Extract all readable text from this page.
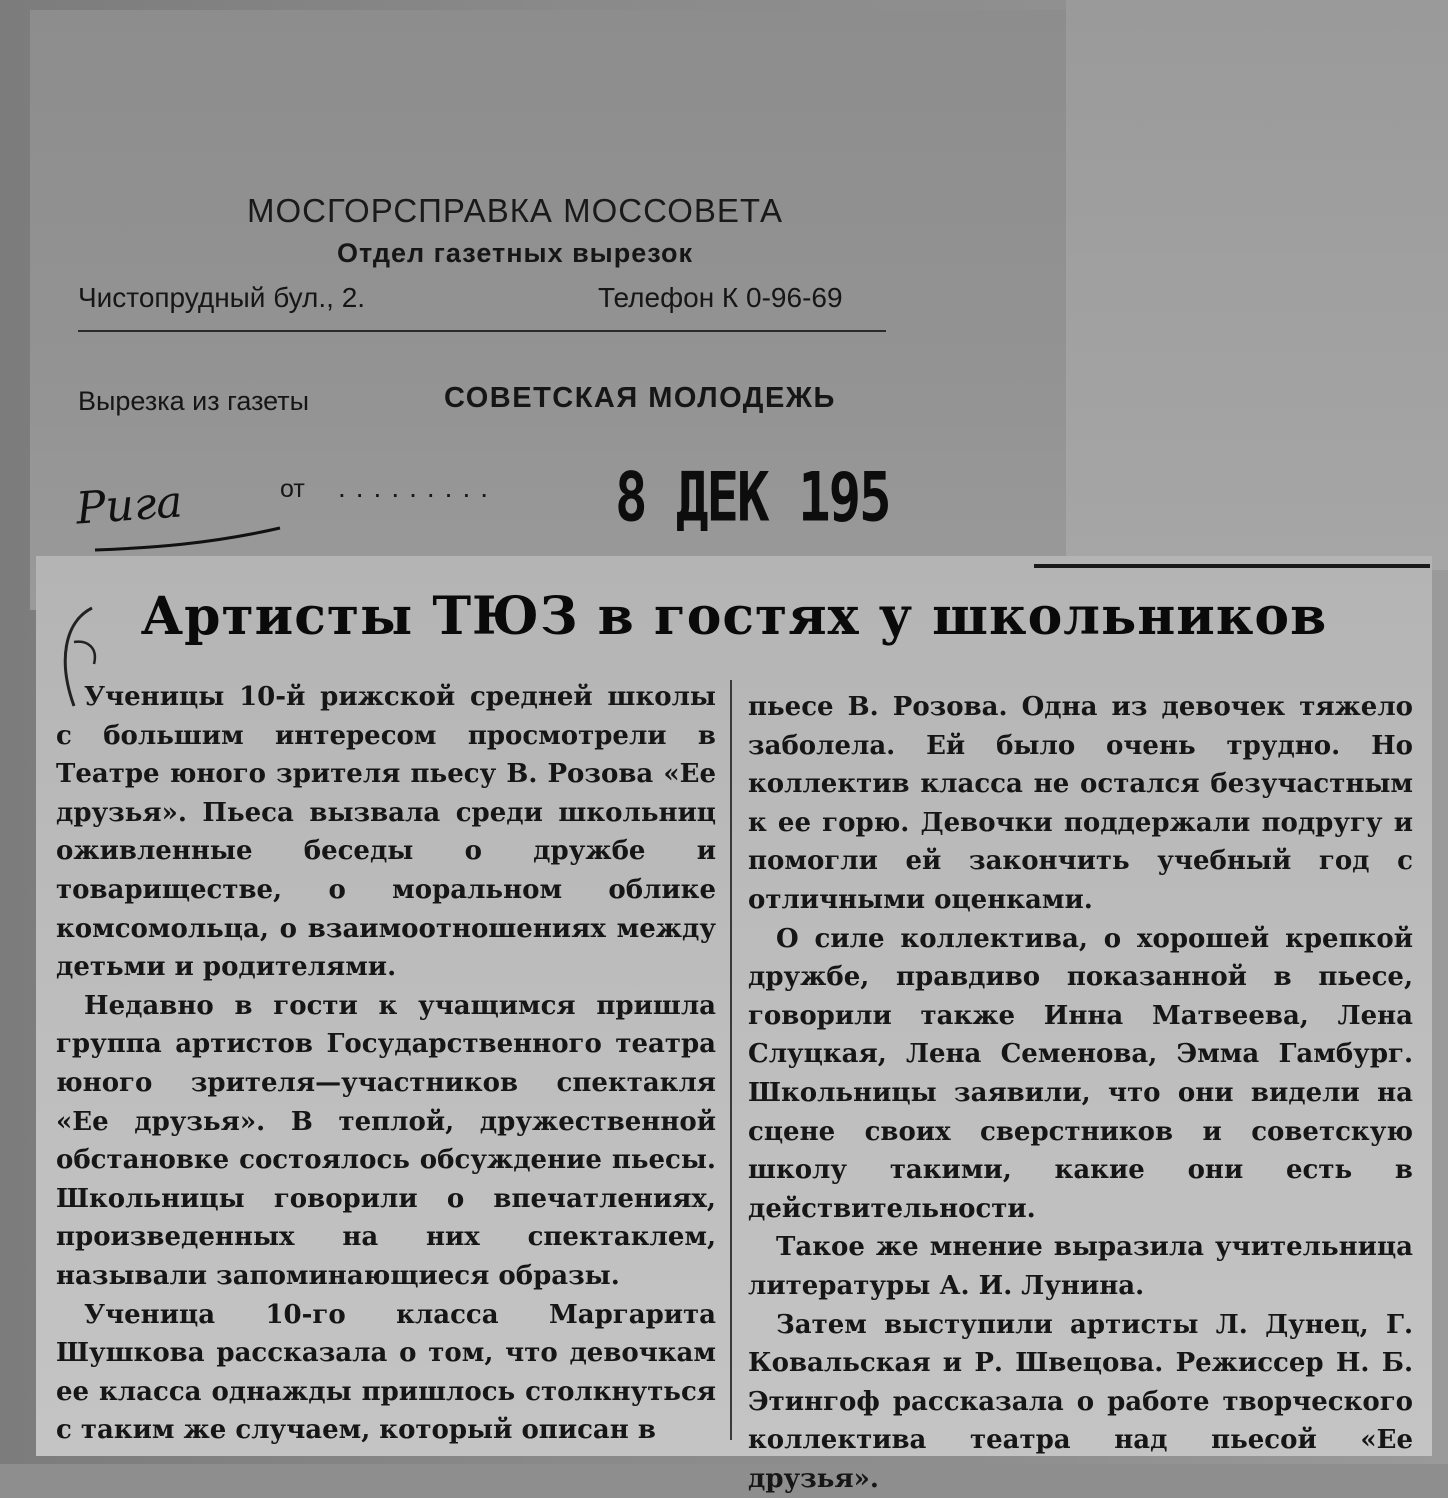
МОСГОРСПРАВКА МОССОВЕТА
Отдел газетных вырезок
Чистопрудный бул., 2.	Телефон К 0-96-69
Вырезка из газеты	СОВЕТСКАЯ МОЛОДЕЖЬ
Рига	от ......... 8 ДЕК 195
Артисты ТЮЗ в гостях у школьников

Ученицы 10-й рижской средней школы с большим интересом просмотрели в Театре юного зрителя пьесу В. Розова «Ее друзья». Пьеса вызвала среди школьниц оживленные беседы о дружбе и товариществе, о моральном облике комсомольца, о взаимоотношениях между детьми и родителями.

Недавно в гости к учащимся пришла группа артистов Государственного театра юного зрителя—участников спектакля «Ее друзья». В теплой, дружественной обстановке состоялось обсуждение пьесы. Школьницы говорили о впечатлениях, произведенных на них спектаклем, называли запоминающиеся образы.

Ученица 10-го класса Маргарита Шушкова рассказала о том, что девочкам ее класса однажды пришлось столкнуться с таким же случаем, который описан в

пьесе В. Розова. Одна из девочек тяжело заболела. Ей было очень трудно. Но коллектив класса не остался безучастным к ее горю. Девочки поддержали подругу и помогли ей закончить учебный год с отличными оценками.

О силе коллектива, о хорошей крепкой дружбе, правдиво показанной в пьесе, говорили также Инна Матвеева, Лена Слуцкая, Лена Семенова, Эмма Гамбург. Школьницы заявили, что они видели на сцене своих сверстников и советскую школу такими, какие они есть в действительности.

Такое же мнение выразила учительница литературы А. И. Лунина.

Затем выступили артисты Л. Дунец, Г. Ковальская и Р. Швецова. Режиссер Н. Б. Этингоф рассказала о работе творческого коллектива театра над пьесой «Ее друзья».
